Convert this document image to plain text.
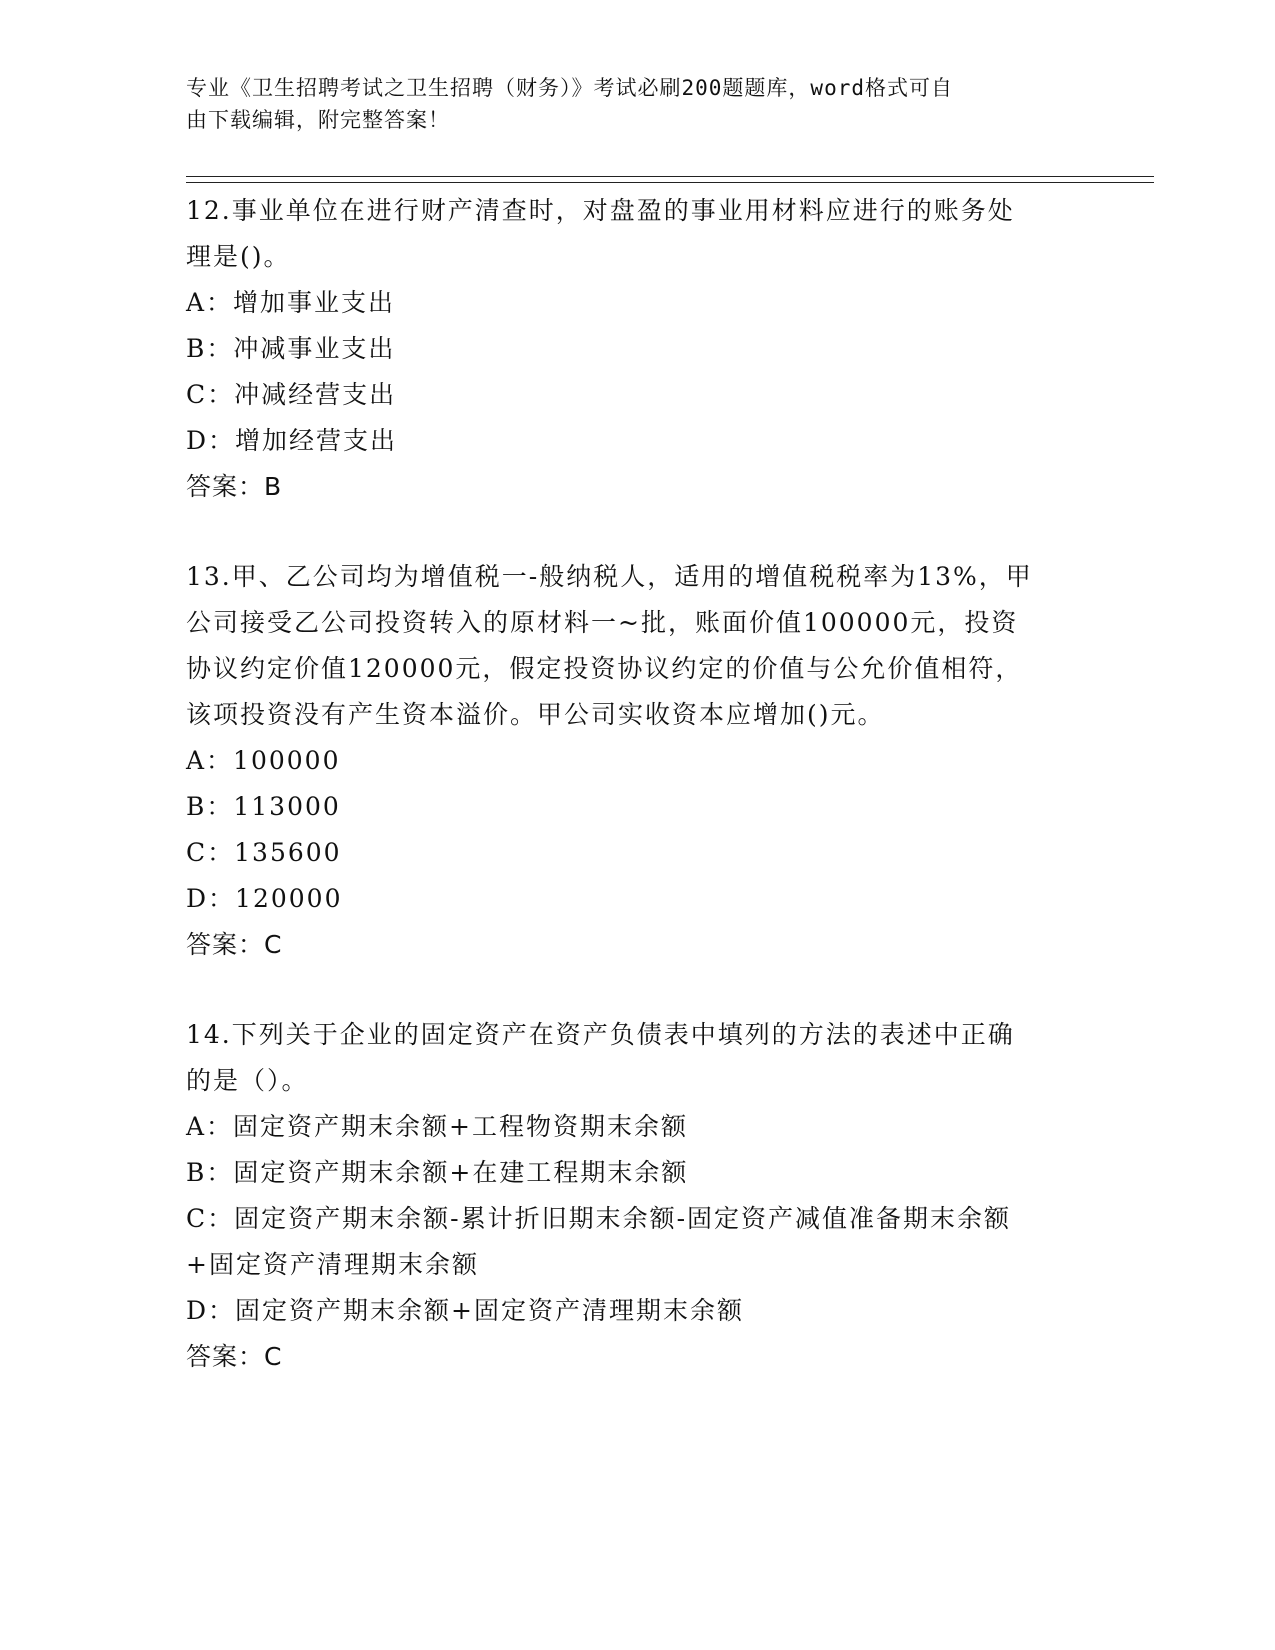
专业《卫生招聘考试之卫生招聘（财务）》考试必刷200题题库，word格式可自
由下载编辑，附完整答案！

12.事业单位在进行财产清查时，对盘盈的事业用材料应进行的账务处

理是()。

A：增加事业支出

B：冲减事业支出

C：冲减经营支出

D：增加经营支出

答案：B

13.甲、乙公司均为增值税一-般纳税人，适用的增值税税率为13%，甲

公司接受乙公司投资转入的原材料一~批，账面价值100000元，投资

协议约定价值120000元，假定投资协议约定的价值与公允价值相符，

该项投资没有产生资本溢价。甲公司实收资本应增加()元。

A：100000

B：113000

C：135600

D：120000

答案：C

14.下列关于企业的固定资产在资产负债表中填列的方法的表述中正确

的是（）。

A：固定资产期末余额+工程物资期末余额

B：固定资产期末余额+在建工程期末余额

C：固定资产期末余额-累计折旧期末余额-固定资产减值准备期末余额

+固定资产清理期末余额

D：固定资产期末余额+固定资产清理期末余额

答案：C
